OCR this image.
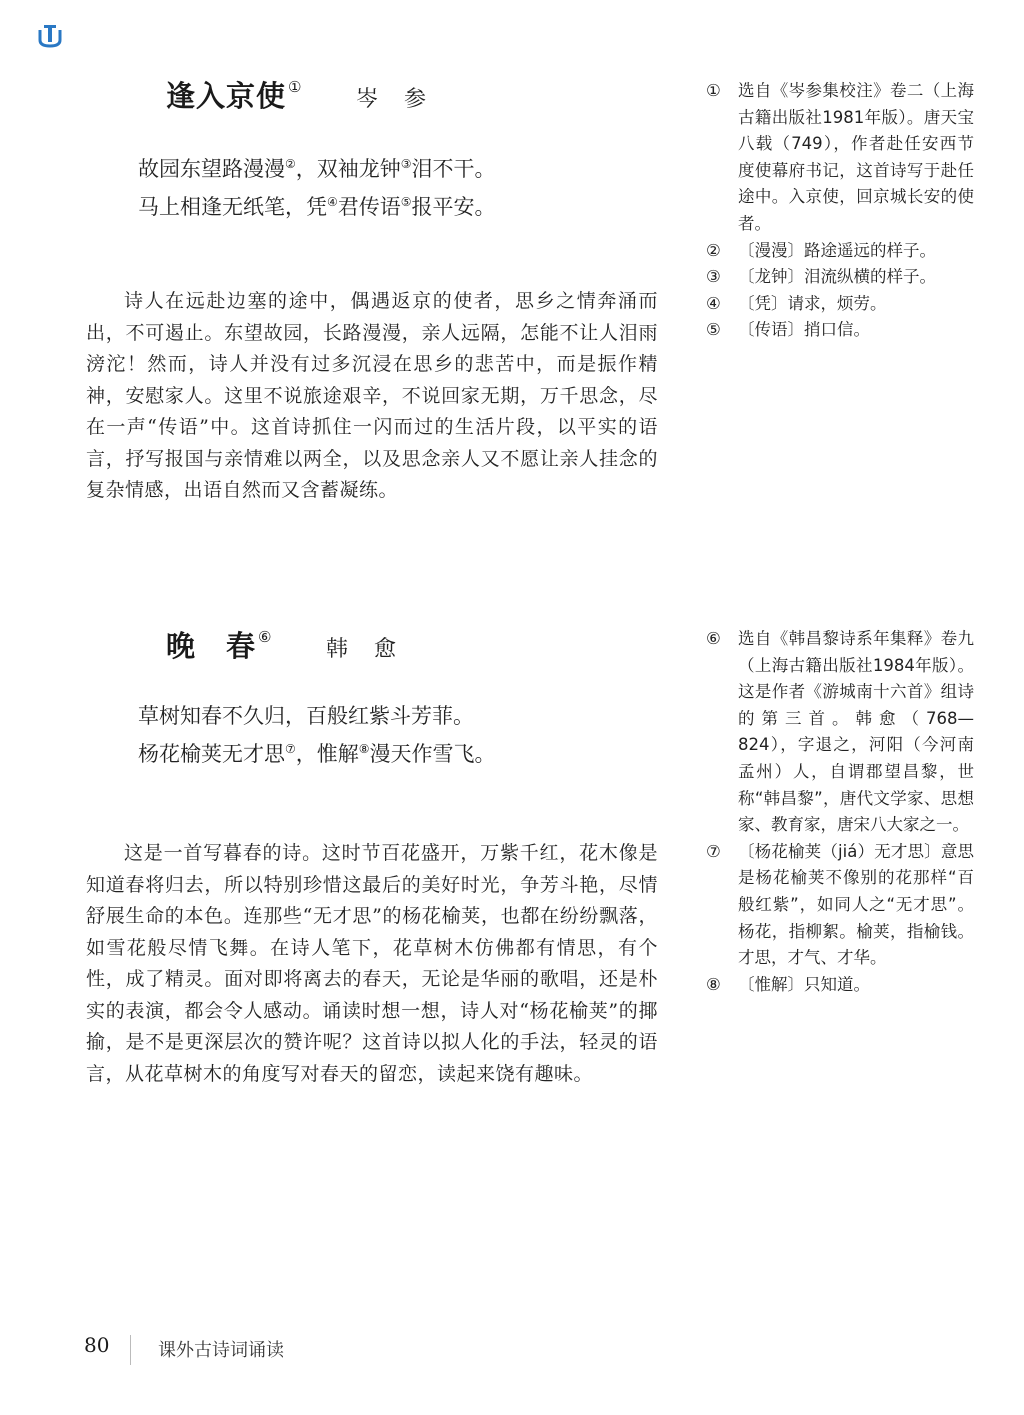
逢入京使 ① 岑参
故园东望路漫漫②，双袖龙钟③泪不干。
马上相逢无纸笔，凭④君传语⑤报平安。

诗人在远赴边塞的途中，偶遇返京的使者，思乡之情奔涌而出，不可遏止。东望故园，长路漫漫，亲人远隔，怎能不让人泪雨滂沱！然而，诗人并没有过多沉浸在思乡的悲苦中，而是振作精神，安慰家人。这里不说旅途艰辛，不说回家无期，万千思念，尽在一声“传语”中。这首诗抓住一闪而过的生活片段，以平实的语言，抒写报国与亲情难以两全，以及思念亲人又不愿让亲人挂念的复杂情感，出语自然而又含蓄凝练。

①	选自《岑参集校注》卷二（上海古籍出版社1981年版）。唐天宝八载（749），作者赴任安西节度使幕府书记，这首诗写于赴任途中。入京使，回京城长安的使者。
②	〔漫漫〕路途遥远的样子。
③	〔龙钟〕泪流纵横的样子。
④	〔凭〕请求，烦劳。
⑤	〔传语〕捎口信。
晚　春 ⑥ 韩愈
草树知春不久归，百般红紫斗芳菲。
杨花榆荚无才思⑦，惟解⑧漫天作雪飞。

这是一首写暮春的诗。这时节百花盛开，万紫千红，花木像是知道春将归去，所以特别珍惜这最后的美好时光，争芳斗艳，尽情舒展生命的本色。连那些“无才思”的杨花榆荚，也都在纷纷飘落，如雪花般尽情飞舞。在诗人笔下，花草树木仿佛都有情思，有个性，成了精灵。面对即将离去的春天，无论是华丽的歌唱，还是朴实的表演，都会令人感动。诵读时想一想，诗人对“杨花榆荚”的揶揄，是不是更深层次的赞许呢？这首诗以拟人化的手法，轻灵的语言，从花草树木的角度写对春天的留恋，读起来饶有趣味。

⑥	选自《韩昌黎诗系年集释》卷九（上海古籍出版社1984年版）。这是作者《游城南十六首》组诗的第三首。韩愈（768—824），字退之，河阳（今河南孟州）人，自谓郡望昌黎，世称“韩昌黎”，唐代文学家、思想家、教育家，唐宋八大家之一。
⑦	〔杨花榆荚（jiá）无才思〕意思是杨花榆荚不像别的花那样“百般红紫”，如同人之“无才思”。杨花，指柳絮。榆荚，指榆钱。才思，才气、才华。
⑧	〔惟解〕只知道。
80	课外古诗词诵读
